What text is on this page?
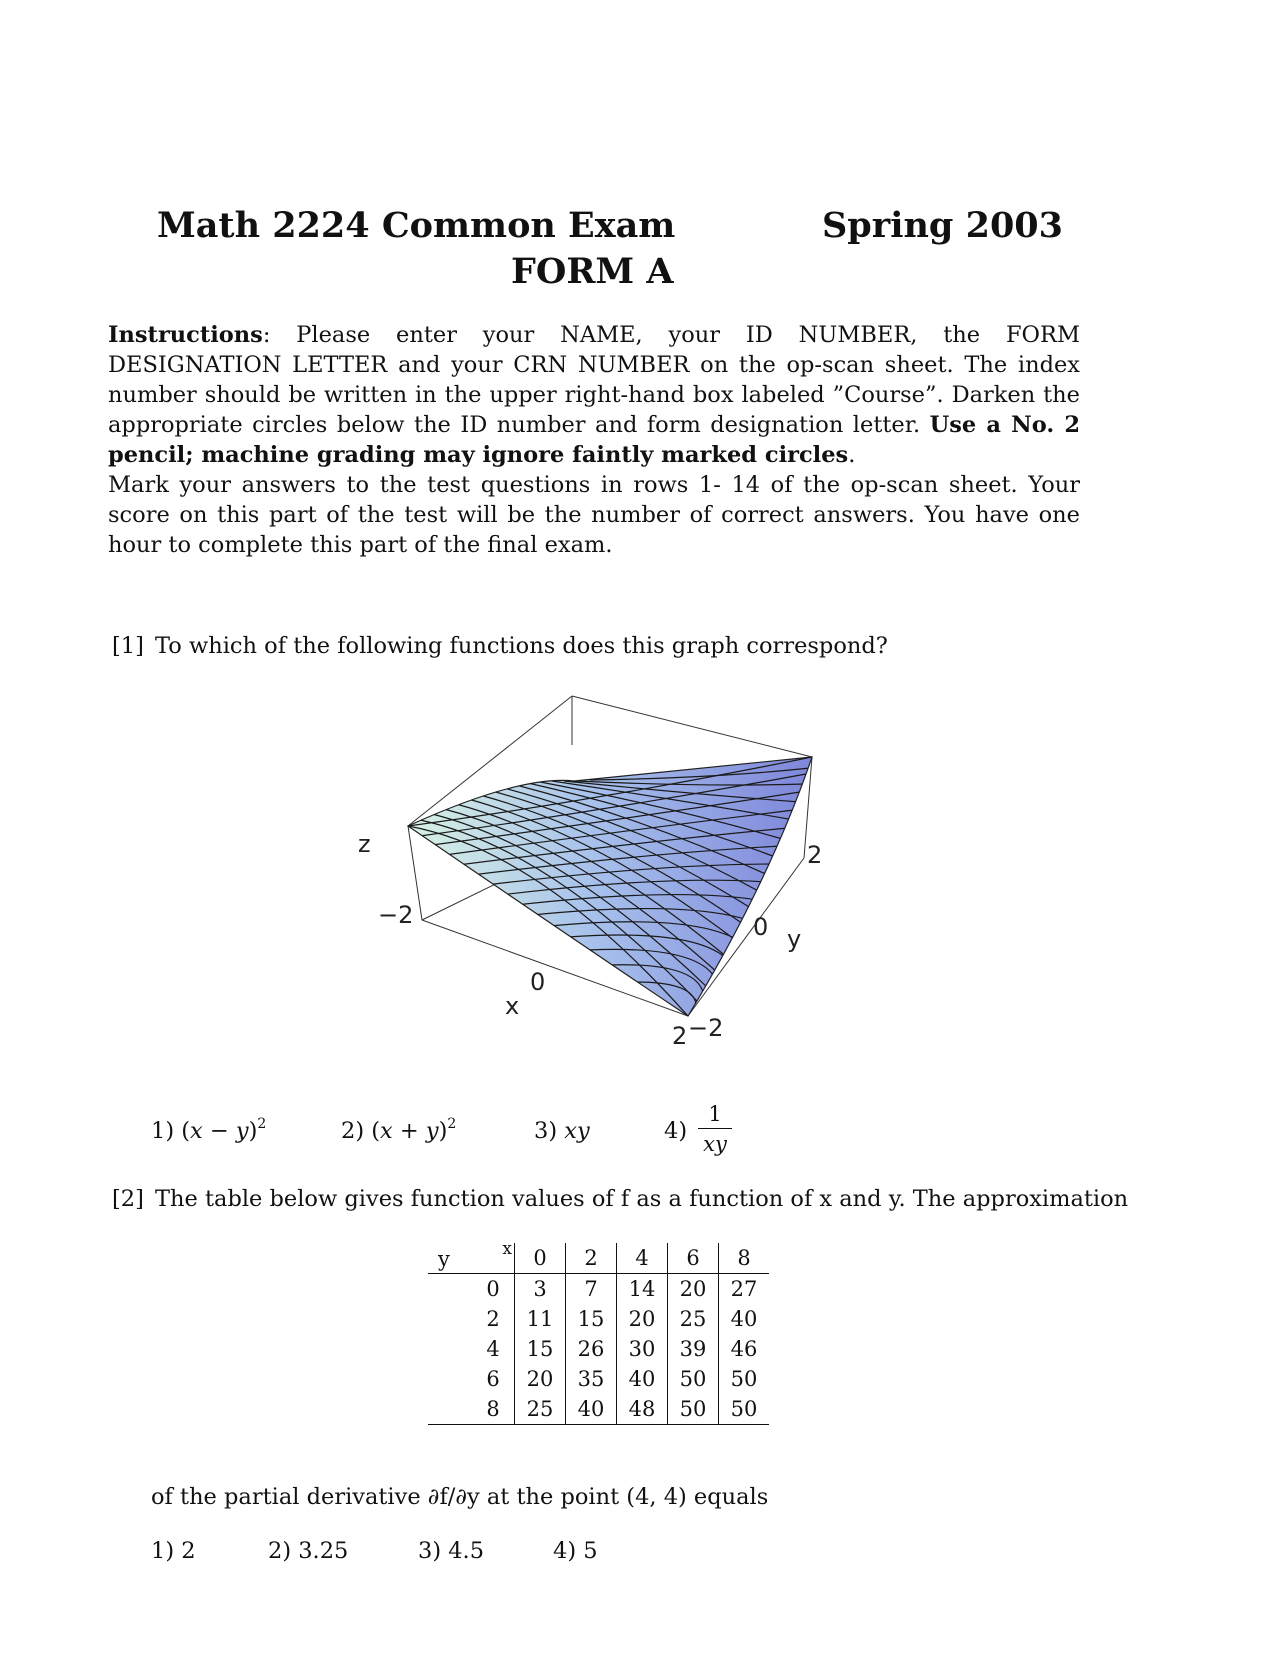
Math 2224 Common Exam	Spring 2003
FORM A
Instructions: Please enter your NAME, your ID NUMBER, the FORM DESIGNATION LETTER and your CRN NUMBER on the op-scan sheet. The index number should be written in the upper right-hand box labeled ”Course”. Darken the appropriate circles below the ID number and form designation letter. Use a No. 2 pencil; machine grading may ignore faintly marked circles.
Mark your answers to the test questions in rows 1- 14 of the op-scan sheet. Your score on this part of the test will be the number of correct answers. You have one hour to complete this part of the final exam.
[1] To which of the following functions does this graph correspond?
z
−2
0
x
2 −2
0 y
2
1) $(x - y)^2$	2) $(x + y)^2$	3) xy	4)
1
xy
[2] The table below gives function values of f as a function of x and y. The approximation
y x		0	2	4	6	8
	0	3	7	14	20	27
	2	11	15	20	25	40
	4	15	26	30	39	46
	6	20	35	40	50	50
	8	25	40	48	50	50
of the partial derivative ∂f/∂y at the point (4, 4) equals
1) 2	2) 3.25	3) 4.5	4) 5
